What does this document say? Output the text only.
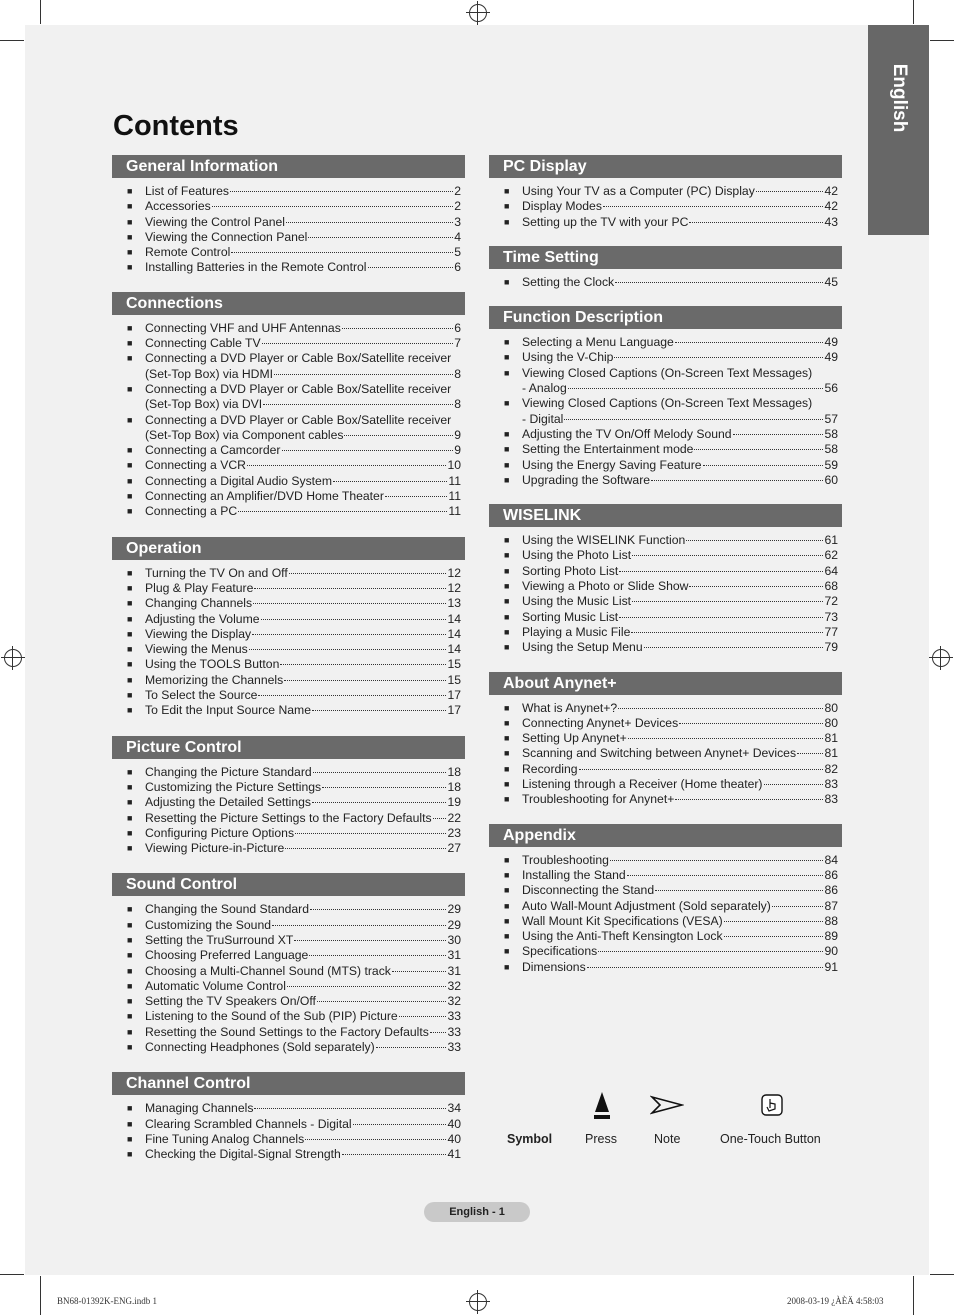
English
Contents
General Information
■ List of Features	2
■ Accessories	2
■ Viewing the Control Panel	3
■ Viewing the Connection Panel	4
■ Remote Control	5
■ Installing Batteries in the Remote Control	6
Connections
■ Connecting VHF and UHF Antennas	6
■ Connecting Cable TV	7
■ Connecting a DVD Player or Cable Box/Satellite receiver
(Set-Top Box) via HDMI	8
■ Connecting a DVD Player or Cable Box/Satellite receiver
(Set-Top Box) via DVI	8
■ Connecting a DVD Player or Cable Box/Satellite receiver
(Set-Top Box) via Component cables	9
■ Connecting a Camcorder	9
■ Connecting a VCR	10
■ Connecting a Digital Audio System	11
■ Connecting an Amplifier/DVD Home Theater	11
■ Connecting a PC	11
Operation
■ Turning the TV On and Off	12
■ Plug & Play Feature	12
■ Changing Channels	13
■ Adjusting the Volume	14
■ Viewing the Display	14
■ Viewing the Menus	14
■ Using the TOOLS Button	15
■ Memorizing the Channels	15
■ To Select the Source	17
■ To Edit the Input Source Name	17
Picture Control
■ Changing the Picture Standard	18
■ Customizing the Picture Settings	18
■ Adjusting the Detailed Settings	19
■ Resetting the Picture Settings to the Factory Defaults 22
■ Configuring Picture Options	23
■ Viewing Picture-in-Picture	27
Sound Control
■ Changing the Sound Standard	29
■ Customizing the Sound	29
■ Setting the TruSurround XT	30
■ Choosing Preferred Language	31
■ Choosing a Multi-Channel Sound (MTS) track	31
■ Automatic Volume Control	32
■ Setting the TV Speakers On/Off	32
■ Listening to the Sound of the Sub (PIP) Picture	33
■ Resetting the Sound Settings to the Factory Defaults 33
■ Connecting Headphones (Sold separately)	33
Channel Control
■ Managing Channels	34
■ Clearing Scrambled Channels - Digital	40
■ Fine Tuning Analog Channels	40
■ Checking the Digital-Signal Strength	41
PC Display
■ Using Your TV as a Computer (PC) Display	42
■ Display Modes	42
■ Setting up the TV with your PC	43
Time Setting
■ Setting the Clock	45
Function Description
■ Selecting a Menu Language	49
■ Using the V-Chip	49
■ Viewing Closed Captions (On-Screen Text Messages)
- Analog	56
■ Viewing Closed Captions (On-Screen Text Messages)
- Digital	57
■ Adjusting the TV On/Off Melody Sound	58
■ Setting the Entertainment mode	58
■ Using the Energy Saving Feature	59
■ Upgrading the Software	60
WISELINK
■ Using the WISELINK Function	61
■ Using the Photo List	62
■ Sorting Photo List	64
■ Viewing a Photo or Slide Show	68
■ Using the Music List	72
■ Sorting Music List	73
■ Playing a Music File	77
■ Using the Setup Menu	79
About Anynet+
■ What is Anynet+?	80
■ Connecting Anynet+ Devices	80
■ Setting Up Anynet+	81
■ Scanning and Switching between Anynet+ Devices 81
■ Recording	82
■ Listening through a Receiver (Home theater)	83
■ Troubleshooting for Anynet+	83
Appendix
■ Troubleshooting	84
■ Installing the Stand	86
■ Disconnecting the Stand	86
■ Auto Wall-Mount Adjustment (Sold separately)	87
■ Wall Mount Kit Specifications (VESA)	88
■ Using the Anti-Theft Kensington Lock	89
■ Specifications	90
■ Dimensions	91
Symbol	Press	Note	One-Touch Button
English - 1
BN68-01392K-ENG.indb 1	2008-03-19 ¿ÀÈÄ 4:58:03
